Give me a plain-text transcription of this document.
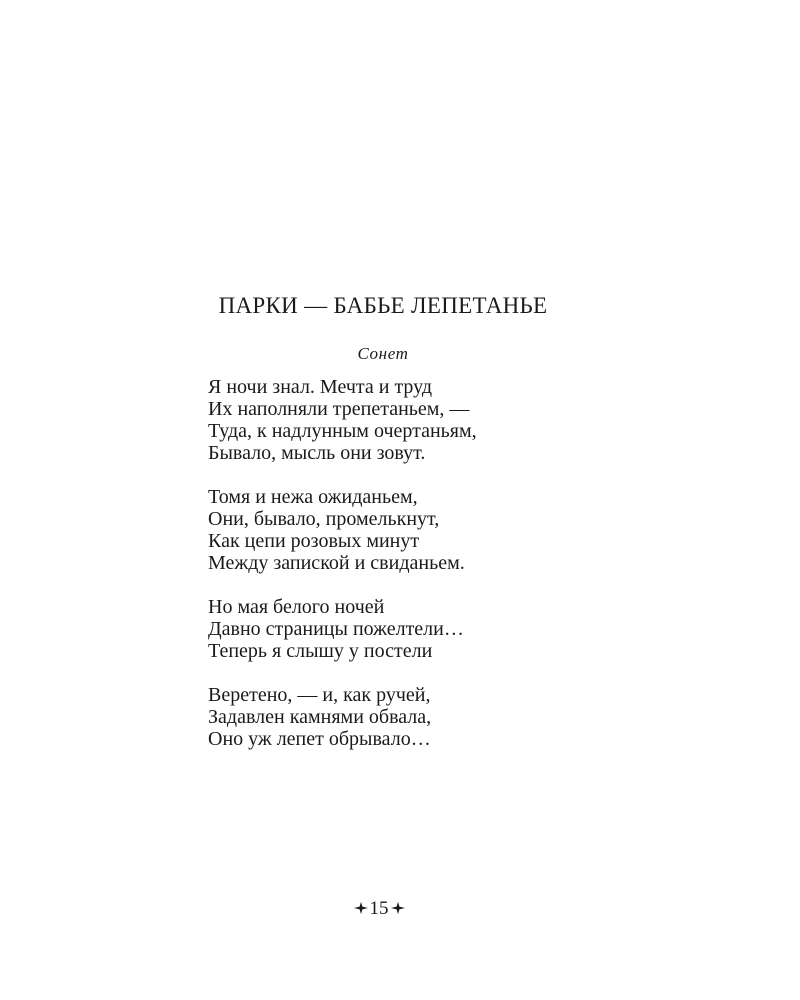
ПАРКИ — БАБЬЕ ЛЕПЕТАНЬЕ
Сонет
Я ночи знал. Мечта и труд
Их наполняли трепетаньем, —
Туда, к надлунным очертаньям,
Бывало, мысль они зовут.
Томя и нежа ожиданьем,
Они, бывало, промелькнут,
Как цепи розовых минут
Между запиской и свиданьем.
Но мая белого ночей
Давно страницы пожелтели…
Теперь я слышу у постели
Веретено, — и, как ручей,
Задавлен камнями обвала,
Оно уж лепет обрывало…
15
